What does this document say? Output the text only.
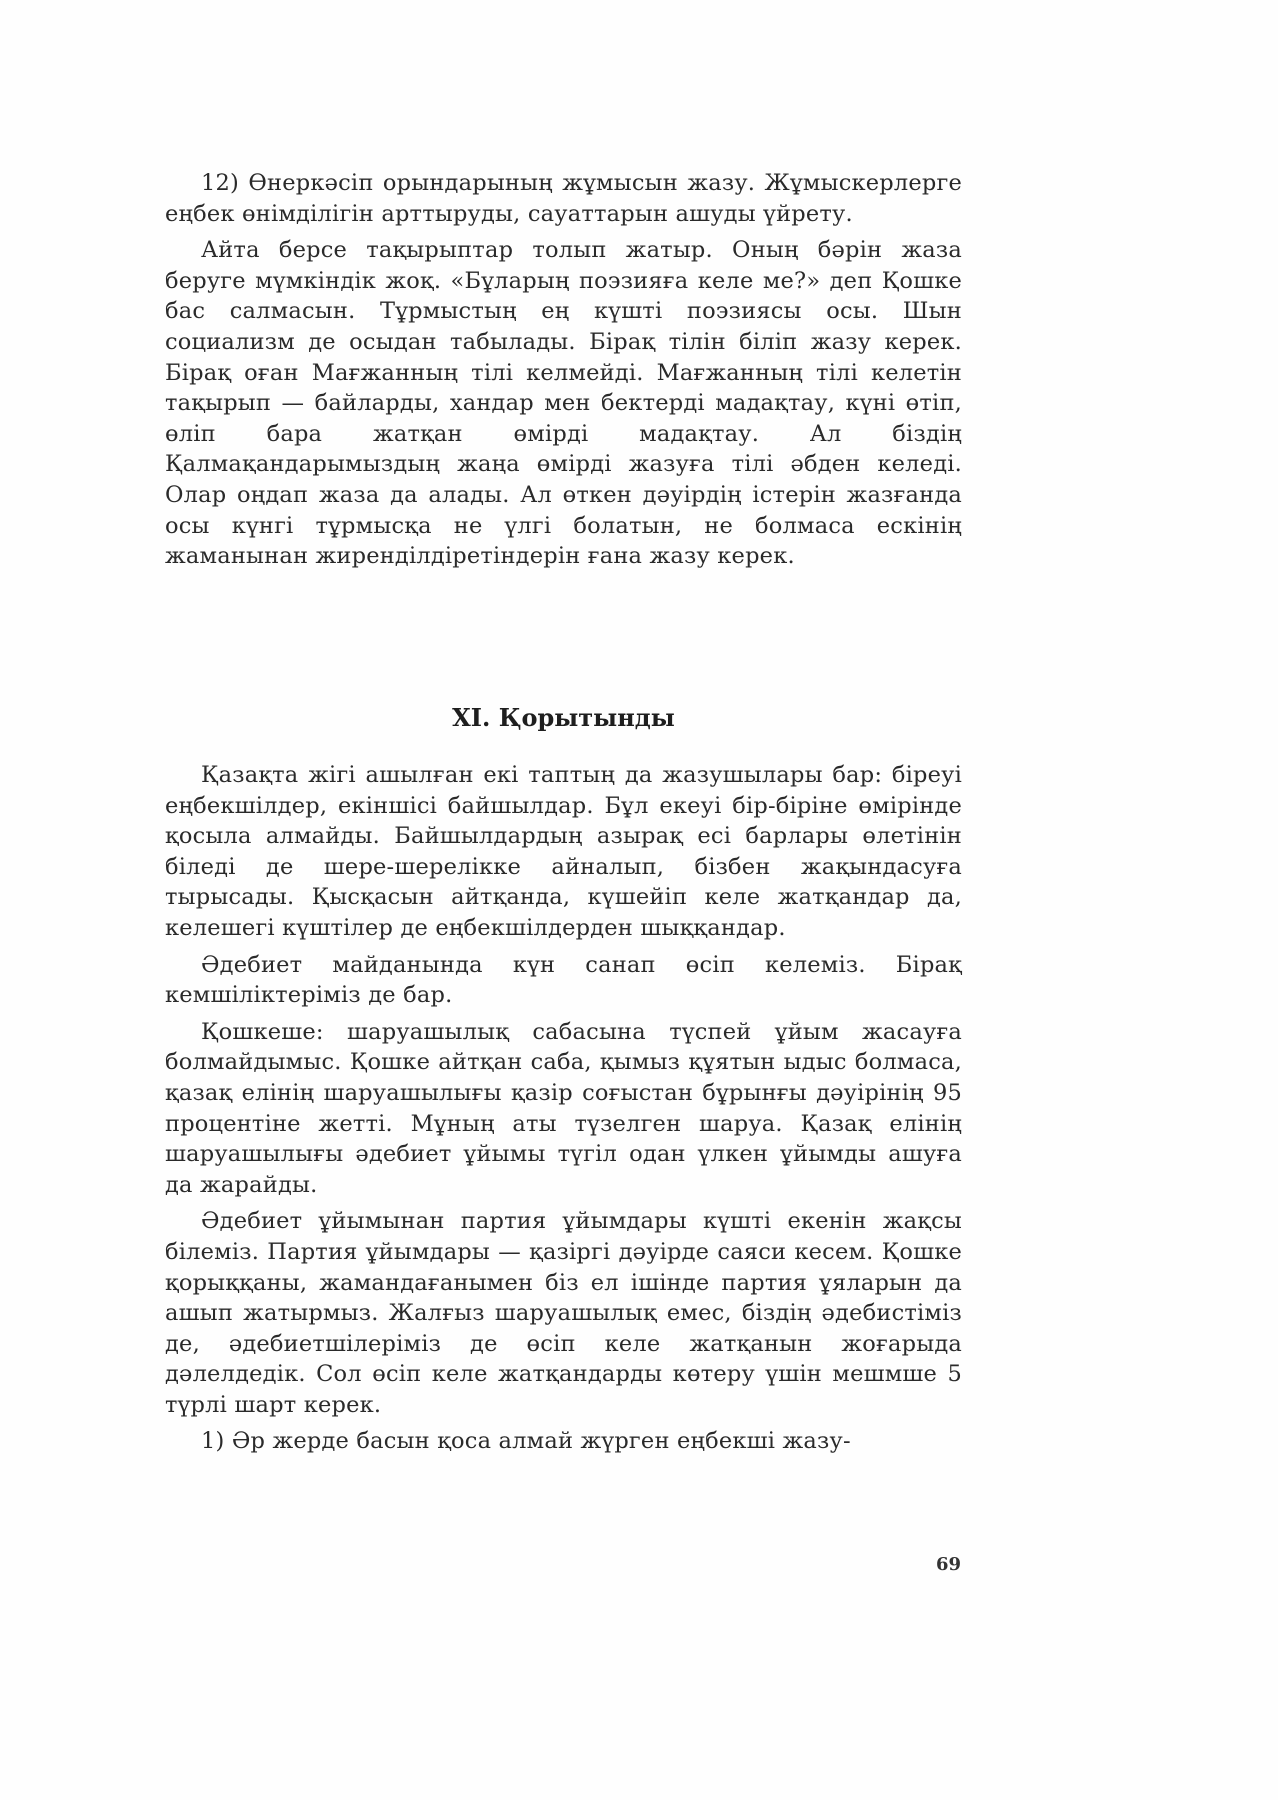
12) Өнеркәсіп орындарының жұмысын жазу. Жұмыскерлерге еңбек өнімділігін арттыруды, сауаттарын ашуды үйрету.

Айта берсе тақырыптар толып жатыр. Оның бәрін жаза беруге мүмкіндік жоқ. «Бұларың поэзияға келе ме?» деп Қошке бас салмасын. Тұрмыстың ең күшті поэзиясы осы. Шын социализм де осыдан табылады. Бірақ тілін біліп жазу керек. Бірақ оған Мағжанның тілі келмейді. Мағжанның тілі келетін тақырып — байларды, хандар мен бектерді мадақтау, күні өтіп, өліп бара жатқан өмірді мадақтау. Ал біздің Қалмақандарымыздың жаңа өмірді жазуға тілі әбден келеді. Олар оңдап жаза да алады. Ал өткен дәуірдің істерін жазғанда осы күнгі тұрмысқа не үлгі болатын, не болмаса ескінің жаманынан жиренділдіретіндерін ғана жазу керек.

XI. Қорытынды

Қазақта жігі ашылған екі таптың да жазушылары бар: біреуі еңбекшілдер, екіншісі байшылдар. Бұл екеуі бір-біріне өмірінде қосыла алмайды. Байшылдардың азырақ есі барлары өлетінін біледі де шере-шереліккe айналып, бізбен жақындасуға тырысады. Қысқасын айтқанда, күшейіп келе жатқандар да, келешегі күштілер де еңбекшілдерден шыққандар.

Әдебиет майданында күн санап өсіп келеміз. Бірақ кемшіліктеріміз де бар.

Қошкеше: шаруашылық сабасына түспей ұйым жасауға болмайдымыс. Қошке айтқан саба, қымыз құятын ыдыс болмаса, қазақ елінің шаруашылығы қазір соғыстан бұрынғы дәуірінің 95 процентіне жетті. Мұның аты түзелген шаруа. Қазақ елінің шаруашылығы әдебиет ұйымы түгіл одан үлкен ұйымды ашуға да жарайды.

Әдебиет ұйымынан партия ұйымдары күшті екенін жақсы білеміз. Партия ұйымдары — қазіргі дәуірде саяси кесем. Қошке қорыққаны, жамандағанымен біз ел ішінде партия ұяларын да ашып жатырмыз. Жалғыз шаруашылық емес, біздің әдебистіміз де, әдебиетшілеріміз де өсіп келе жатқанын жоғарыда дәлелдедік. Сол өсіп келе жатқандарды көтеру үшін мешмше 5 түрлі шарт керек.

1) Әр жерде басын қоса алмай жүрген еңбекші жазу-

69
